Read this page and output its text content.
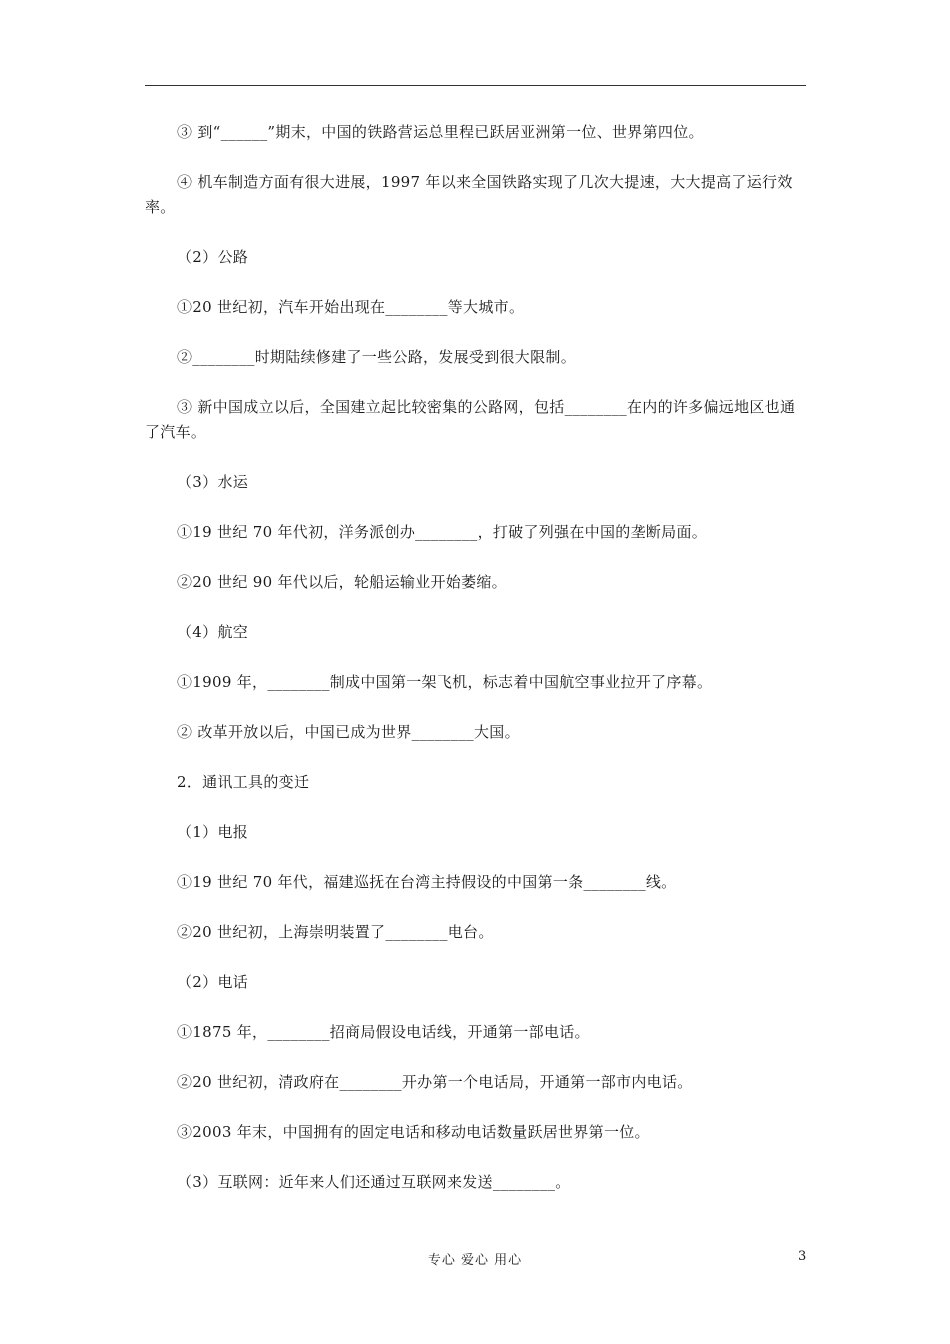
③ 到“______”期末，中国的铁路营运总里程已跃居亚洲第一位、世界第四位。

④ 机车制造方面有很大进展，1997 年以来全国铁路实现了几次大提速，大大提高了运行效率。

（2）公路

①20 世纪初，汽车开始出现在________等大城市。

②________时期陆续修建了一些公路，发展受到很大限制。

③ 新中国成立以后，全国建立起比较密集的公路网，包括________在内的许多偏远地区也通了汽车。

（3）水运

①19 世纪 70 年代初，洋务派创办________，打破了列强在中国的垄断局面。

②20 世纪 90 年代以后，轮船运输业开始萎缩。

（4）航空

①1909 年，________制成中国第一架飞机，标志着中国航空事业拉开了序幕。

② 改革开放以后，中国已成为世界________大国。

2．通讯工具的变迁

（1）电报

①19 世纪 70 年代，福建巡抚在台湾主持假设的中国第一条________线。

②20 世纪初，上海崇明装置了________电台。

（2）电话

①1875 年，________招商局假设电话线，开通第一部电话。

②20 世纪初，清政府在________开办第一个电话局，开通第一部市内电话。

③2003 年末，中国拥有的固定电话和移动电话数量跃居世界第一位。

（3）互联网：近年来人们还通过互联网来发送________。

专心 爱心 用心	3
